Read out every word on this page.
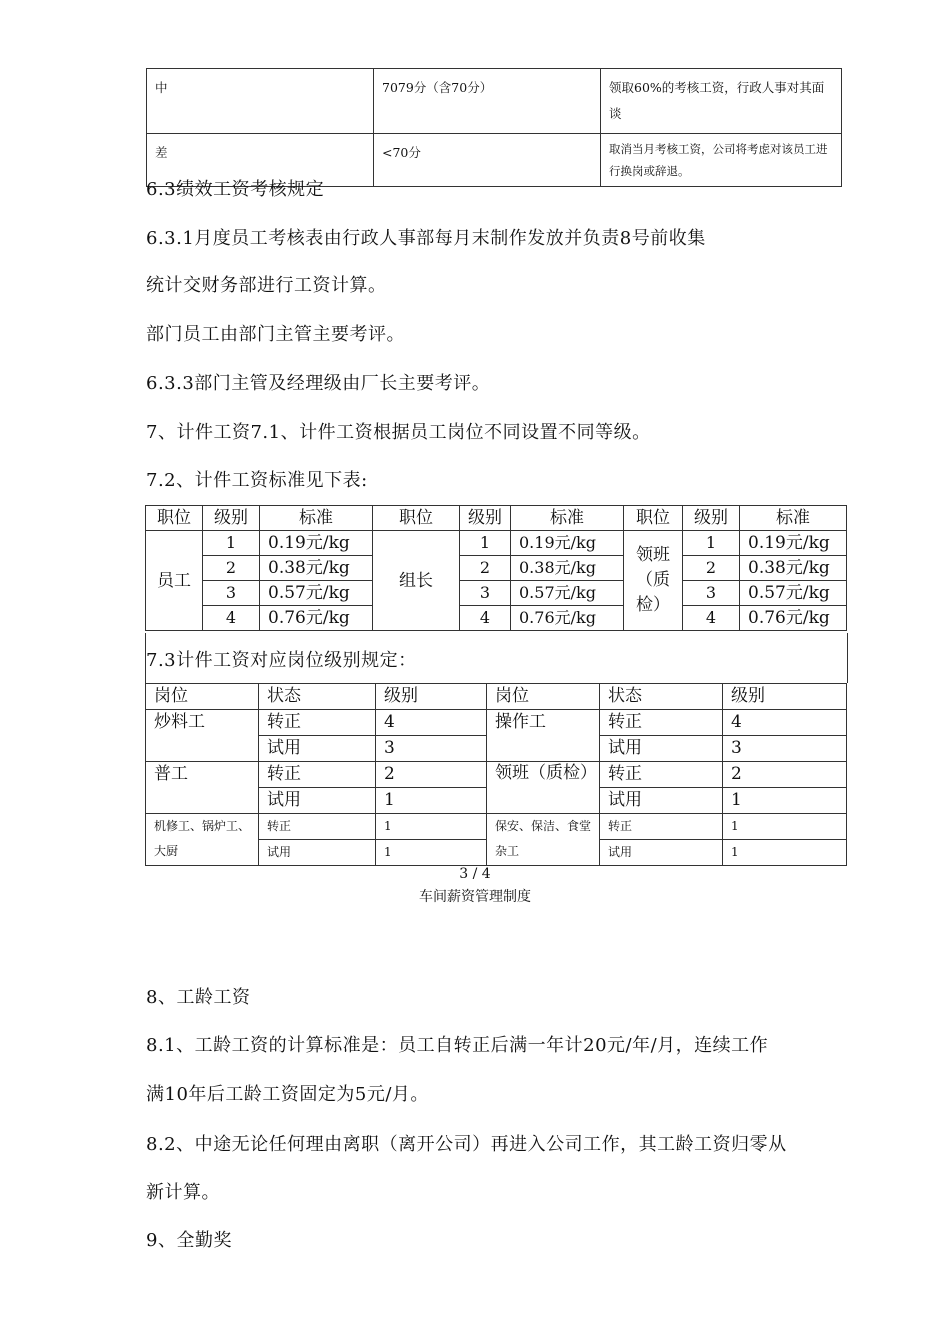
中	7079分（含70分）	领取60%的考核工资，行政人事对其面谈
差	<70分	取消当月考核工资，公司将考虑对该员工进行换岗或辞退。
6.3绩效工资考核规定
6.3.1月度员工考核表由行政人事部每月末制作发放并负责8号前收集
统计交财务部进行工资计算。
部门员工由部门主管主要考评。
6.3.3部门主管及经理级由厂长主要考评。
7、计件工资7.1、计件工资根据员工岗位不同设置不同等级。
7.2、计件工资标准见下表:
职位	级别	标准	职位	级别	标准	职位	级别	标准
员工	1	0.19元/kg	组长	1	0.19元/kg	领班（质检）	1	0.19元/kg
	2	0.38元/kg		2	0.38元/kg		2	0.38元/kg
	3	0.57元/kg		3	0.57元/kg		3	0.57元/kg
	4	0.76元/kg		4	0.76元/kg		4	0.76元/kg
7.3计件工资对应岗位级别规定：
岗位	状态	级别	岗位	状态	级别
炒料工	转正	4	操作工	转正	4
	试用	3		试用	3
普工	转正	2	领班（质检）	转正	2
	试用	1		试用	1
机修工、锅炉工、大厨	转正	1	保安、保洁、食堂杂工	转正	1
	试用	1		试用	1
3 / 4
车间薪资管理制度
8、工龄工资
8.1、工龄工资的计算标准是：员工自转正后满一年计20元/年/月，连续工作
满10年后工龄工资固定为5元/月。
8.2、中途无论任何理由离职（离开公司）再进入公司工作，其工龄工资归零从
新计算。
9、全勤奖
